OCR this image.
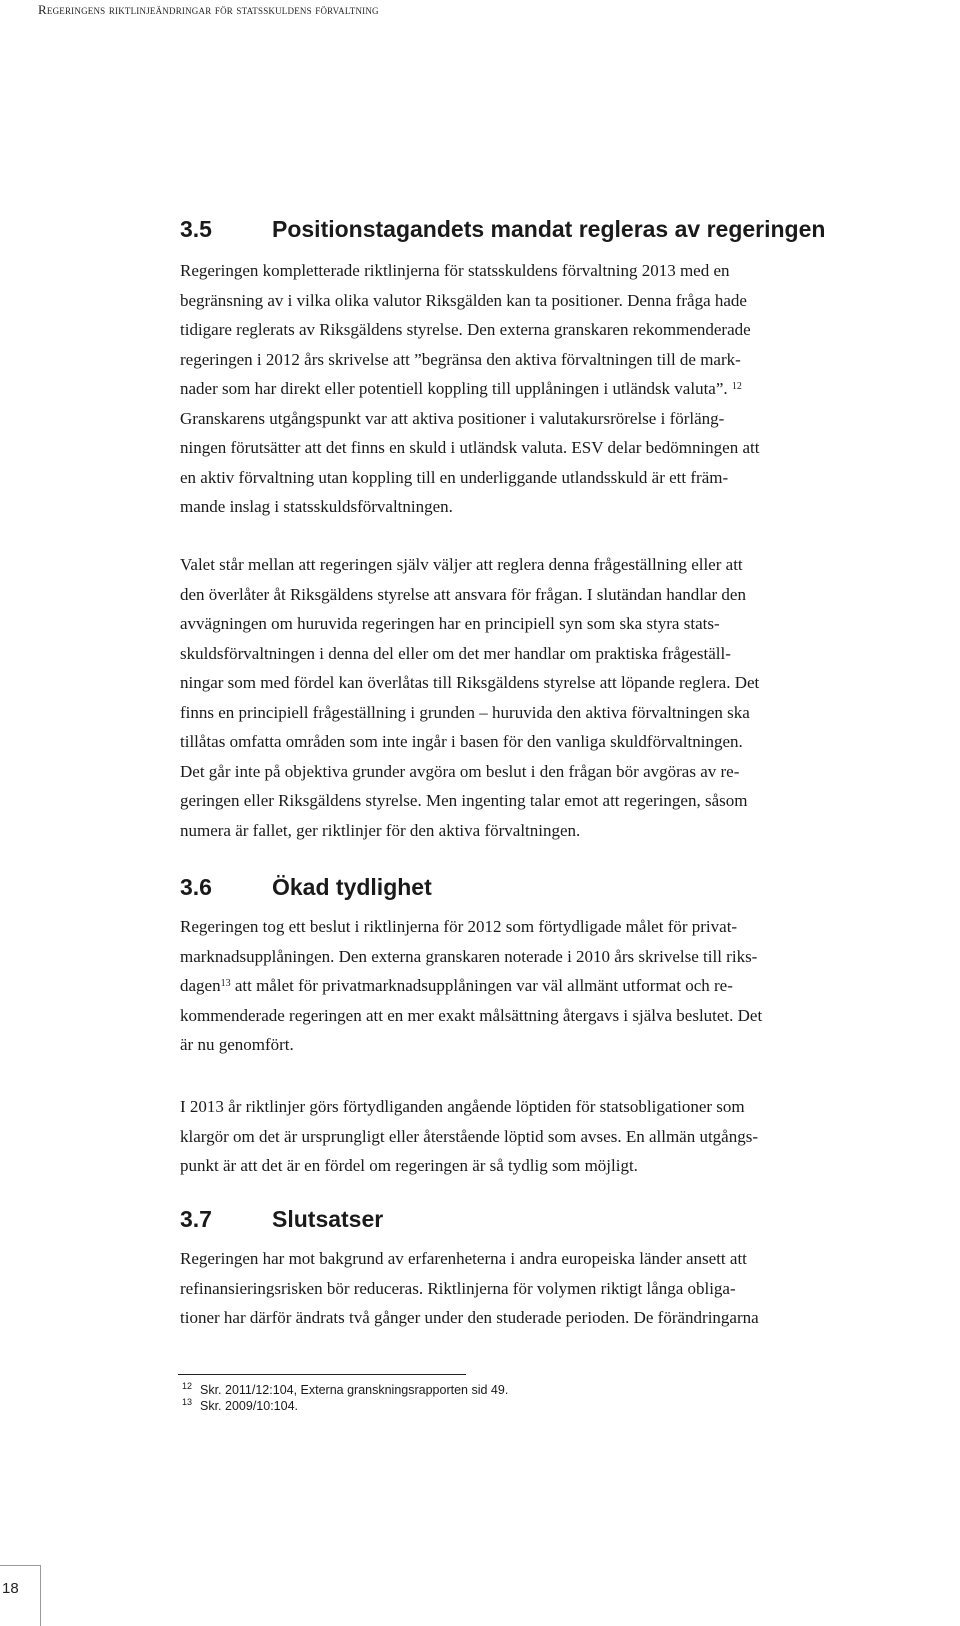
Regeringens riktlinjeändringar för statsskuldens förvaltning
3.5	Positionstagandets mandat regleras av regeringen
Regeringen kompletterade riktlinjerna för statsskuldens förvaltning 2013 med en
begränsning av i vilka olika valutor Riksgälden kan ta positioner. Denna fråga hade
tidigare reglerats av Riksgäldens styrelse. Den externa granskaren rekommenderade
regeringen i 2012 års skrivelse att ”begränsa den aktiva förvaltningen till de mark-
nader som har direkt eller potentiell koppling till upplåningen i utländsk valuta”. $^{12}$
Granskarens utgångspunkt var att aktiva positioner i valutakursrörelse i förläng-
ningen förutsätter att det finns en skuld i utländsk valuta. ESV delar bedömningen att
en aktiv förvaltning utan koppling till en underliggande utlandsskuld är ett främ-
mande inslag i statsskuldsförvaltningen.
Valet står mellan att regeringen själv väljer att reglera denna frågeställning eller att
den överlåter åt Riksgäldens styrelse att ansvara för frågan. I slutändan handlar den
avvägningen om huruvida regeringen har en principiell syn som ska styra stats-
skuldsförvaltningen i denna del eller om det mer handlar om praktiska frågeställ-
ningar som med fördel kan överlåtas till Riksgäldens styrelse att löpande reglera. Det
finns en principiell frågeställning i grunden – huruvida den aktiva förvaltningen ska
tillåtas omfatta områden som inte ingår i basen för den vanliga skuldförvaltningen.
Det går inte på objektiva grunder avgöra om beslut i den frågan bör avgöras av re-
geringen eller Riksgäldens styrelse. Men ingenting talar emot att regeringen, såsom
numera är fallet, ger riktlinjer för den aktiva förvaltningen.
3.6	Ökad tydlighet
Regeringen tog ett beslut i riktlinjerna för 2012 som förtydligade målet för privat-
marknadsupplåningen. Den externa granskaren noterade i 2010 års skrivelse till riks-
dagen$^{13}$ att målet för privatmarknadsupplåningen var väl allmänt utformat och re-
kommenderade regeringen att en mer exakt målsättning återgavs i själva beslutet. Det
är nu genomfört.
I 2013 år riktlinjer görs förtydliganden angående löptiden för statsobligationer som
klargör om det är ursprungligt eller återstående löptid som avses. En allmän utgångs-
punkt är att det är en fördel om regeringen är så tydlig som möjligt.
3.7	Slutsatser
Regeringen har mot bakgrund av erfarenheterna i andra europeiska länder ansett att
refinansieringsrisken bör reduceras. Riktlinjerna för volymen riktigt långa obliga-
tioner har därför ändrats två gånger under den studerade perioden. De förändringarna
12 Skr. 2011/12:104, Externa granskningsrapporten sid 49.
13 Skr. 2009/10:104.
18
